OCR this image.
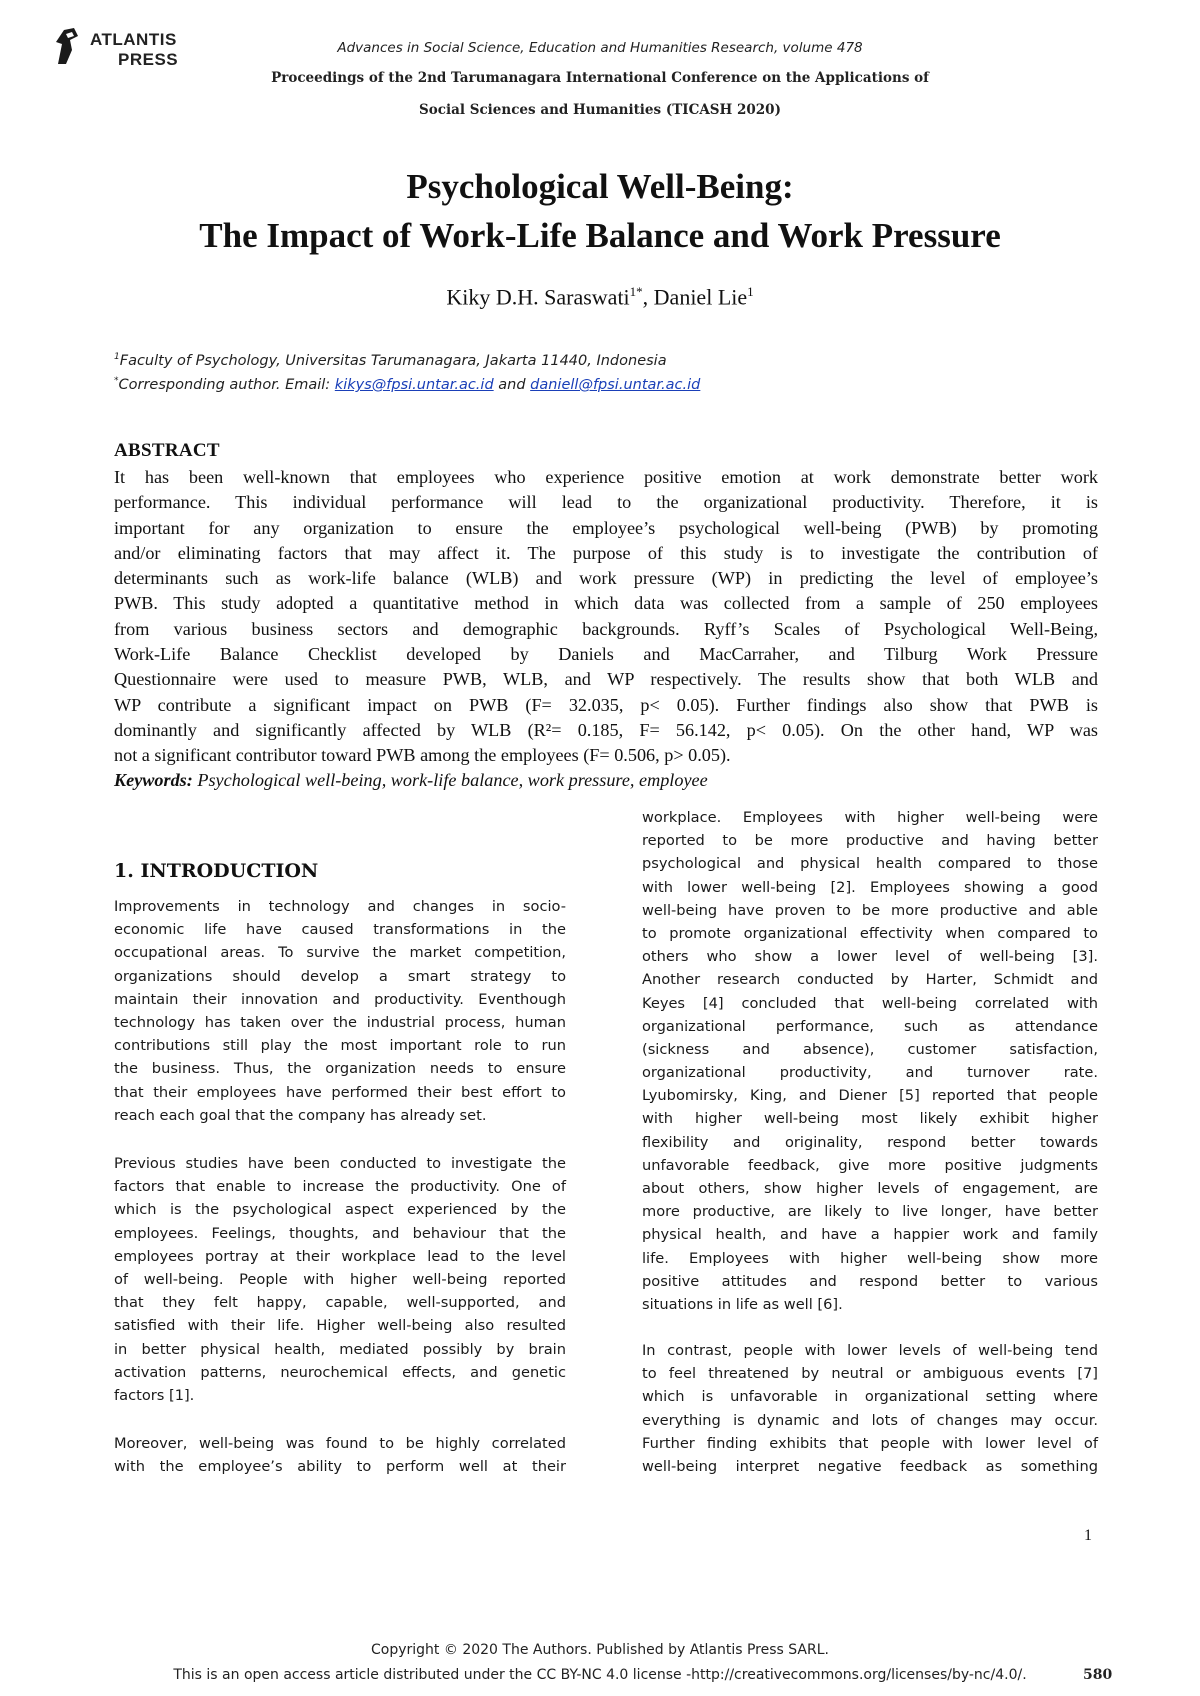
ATLANTIS
PRESS
Advances in Social Science, Education and Humanities Research, volume 478
Proceedings of the 2nd Tarumanagara International Conference on the Applications of
Social Sciences and Humanities (TICASH 2020)
Psychological Well-Being:
The Impact of Work-Life Balance and Work Pressure
Kiky D.H. Saraswati$^{1*}$, Daniel Lie$^1$
$^1$Faculty of Psychology, Universitas Tarumanagara, Jakarta 11440, Indonesia
*Corresponding author. Email: kikys@fpsi.untar.ac.id and daniell@fpsi.untar.ac.id
ABSTRACT
It has been well-known that employees who experience positive emotion at work demonstrate better work
performance. This individual performance will lead to the organizational productivity. Therefore, it is
important for any organization to ensure the employee’s psychological well-being (PWB) by promoting
and/or eliminating factors that may affect it. The purpose of this study is to investigate the contribution of
determinants such as work-life balance (WLB) and work pressure (WP) in predicting the level of employee’s
PWB. This study adopted a quantitative method in which data was collected from a sample of 250 employees
from various business sectors and demographic backgrounds. Ryff’s Scales of Psychological Well-Being,
Work-Life Balance Checklist developed by Daniels and MacCarraher, and Tilburg Work Pressure
Questionnaire were used to measure PWB, WLB, and WP respectively. The results show that both WLB and
WP contribute a significant impact on PWB (F= 32.035, p< 0.05). Further findings also show that PWB is
dominantly and significantly affected by WLB (R²= 0.185, F= 56.142, p< 0.05). On the other hand, WP was
not a significant contributor toward PWB among the employees (F= 0.506, p> 0.05).
Keywords: Psychological well-being, work-life balance, work pressure, employee
1. INTRODUCTION
Improvements in technology and changes in socio-
economic life have caused transformations in the
occupational areas. To survive the market competition,
organizations should develop a smart strategy to
maintain their innovation and productivity. Eventhough
technology has taken over the industrial process, human
contributions still play the most important role to run
the business. Thus, the organization needs to ensure
that their employees have performed their best effort to
reach each goal that the company has already set.
Previous studies have been conducted to investigate the
factors that enable to increase the productivity. One of
which is the psychological aspect experienced by the
employees. Feelings, thoughts, and behaviour that the
employees portray at their workplace lead to the level
of well-being. People with higher well-being reported
that they felt happy, capable, well-supported, and
satisfied with their life. Higher well-being also resulted
in better physical health, mediated possibly by brain
activation patterns, neurochemical effects, and genetic
factors [1].
Moreover, well-being was found to be highly correlated
with the employee’s ability to perform well at their
workplace. Employees with higher well-being were
reported to be more productive and having better
psychological and physical health compared to those
with lower well-being [2]. Employees showing a good
well-being have proven to be more productive and able
to promote organizational effectivity when compared to
others who show a lower level of well-being [3].
Another research conducted by Harter, Schmidt and
Keyes [4] concluded that well-being correlated with
organizational performance, such as attendance
(sickness and absence), customer satisfaction,
organizational productivity, and turnover rate.
Lyubomirsky, King, and Diener [5] reported that people
with higher well-being most likely exhibit higher
flexibility and originality, respond better towards
unfavorable feedback, give more positive judgments
about others, show higher levels of engagement, are
more productive, are likely to live longer, have better
physical health, and have a happier work and family
life. Employees with higher well-being show more
positive attitudes and respond better to various
situations in life as well [6].
In contrast, people with lower levels of well-being tend
to feel threatened by neutral or ambiguous events [7]
which is unfavorable in organizational setting where
everything is dynamic and lots of changes may occur.
Further finding exhibits that people with lower level of
well-being interpret negative feedback as something
1
Copyright © 2020 The Authors. Published by Atlantis Press SARL.
This is an open access article distributed under the CC BY-NC 4.0 license -http://creativecommons.org/licenses/by-nc/4.0/.	580
